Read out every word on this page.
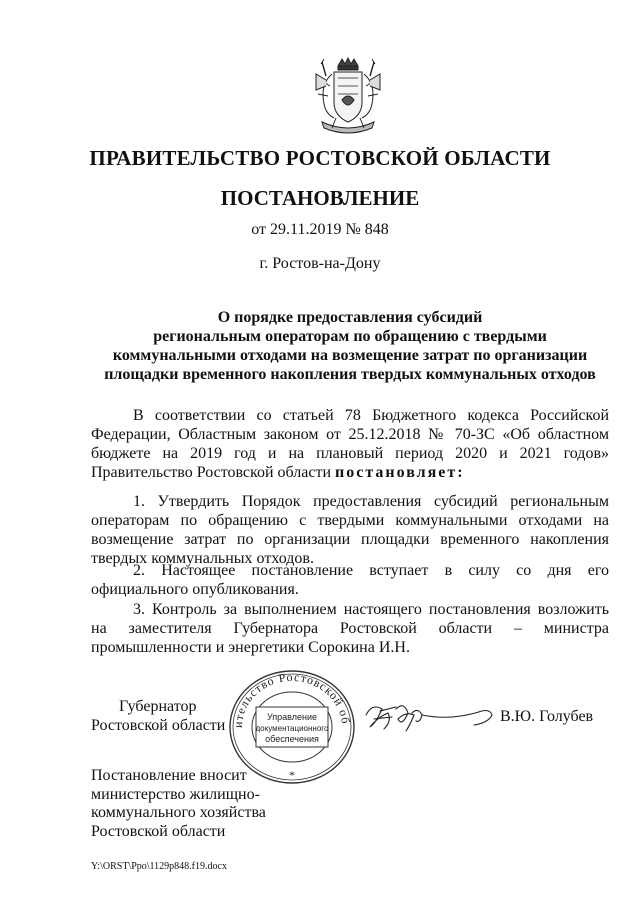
ПРАВИТЕЛЬСТВО РОСТОВСКОЙ ОБЛАСТИ
ПОСТАНОВЛЕНИЕ
от 29.11.2019 № 848
г. Ростов-на-Дону
О порядке предоставления субсидий
региональным операторам по обращению с твердыми
коммунальными отходами на возмещение затрат по организации
площадки временного накопления твердых коммунальных отходов
В соответствии со статьей 78 Бюджетного кодекса Российской Федерации, Областным законом от 25.12.2018 № 70-ЗС «Об областном бюджете на 2019 год и на плановый период 2020 и 2021 годов» Правительство Ростовской области постановляет:
1. Утвердить Порядок предоставления субсидий региональным операторам по обращению с твердыми коммунальными отходами на возмещение затрат по организации площадки временного накопления твердых коммунальных отходов.
2. Настоящее постановление вступает в силу со дня его официального опубликования.
3. Контроль за выполнением настоящего постановления возложить на заместителя Губернатора Ростовской области – министра промышленности и энергетики Сорокина И.Н.
Губернатор
Ростовской области ительство Ростовской об
Управление
документационного
обеспечения
*
В.Ю. Голубев
Постановление вносит
министерство жилищно-
коммунального хозяйства
Ростовской области
Y:\ORST\Ppo\1129p848.f19.docx
